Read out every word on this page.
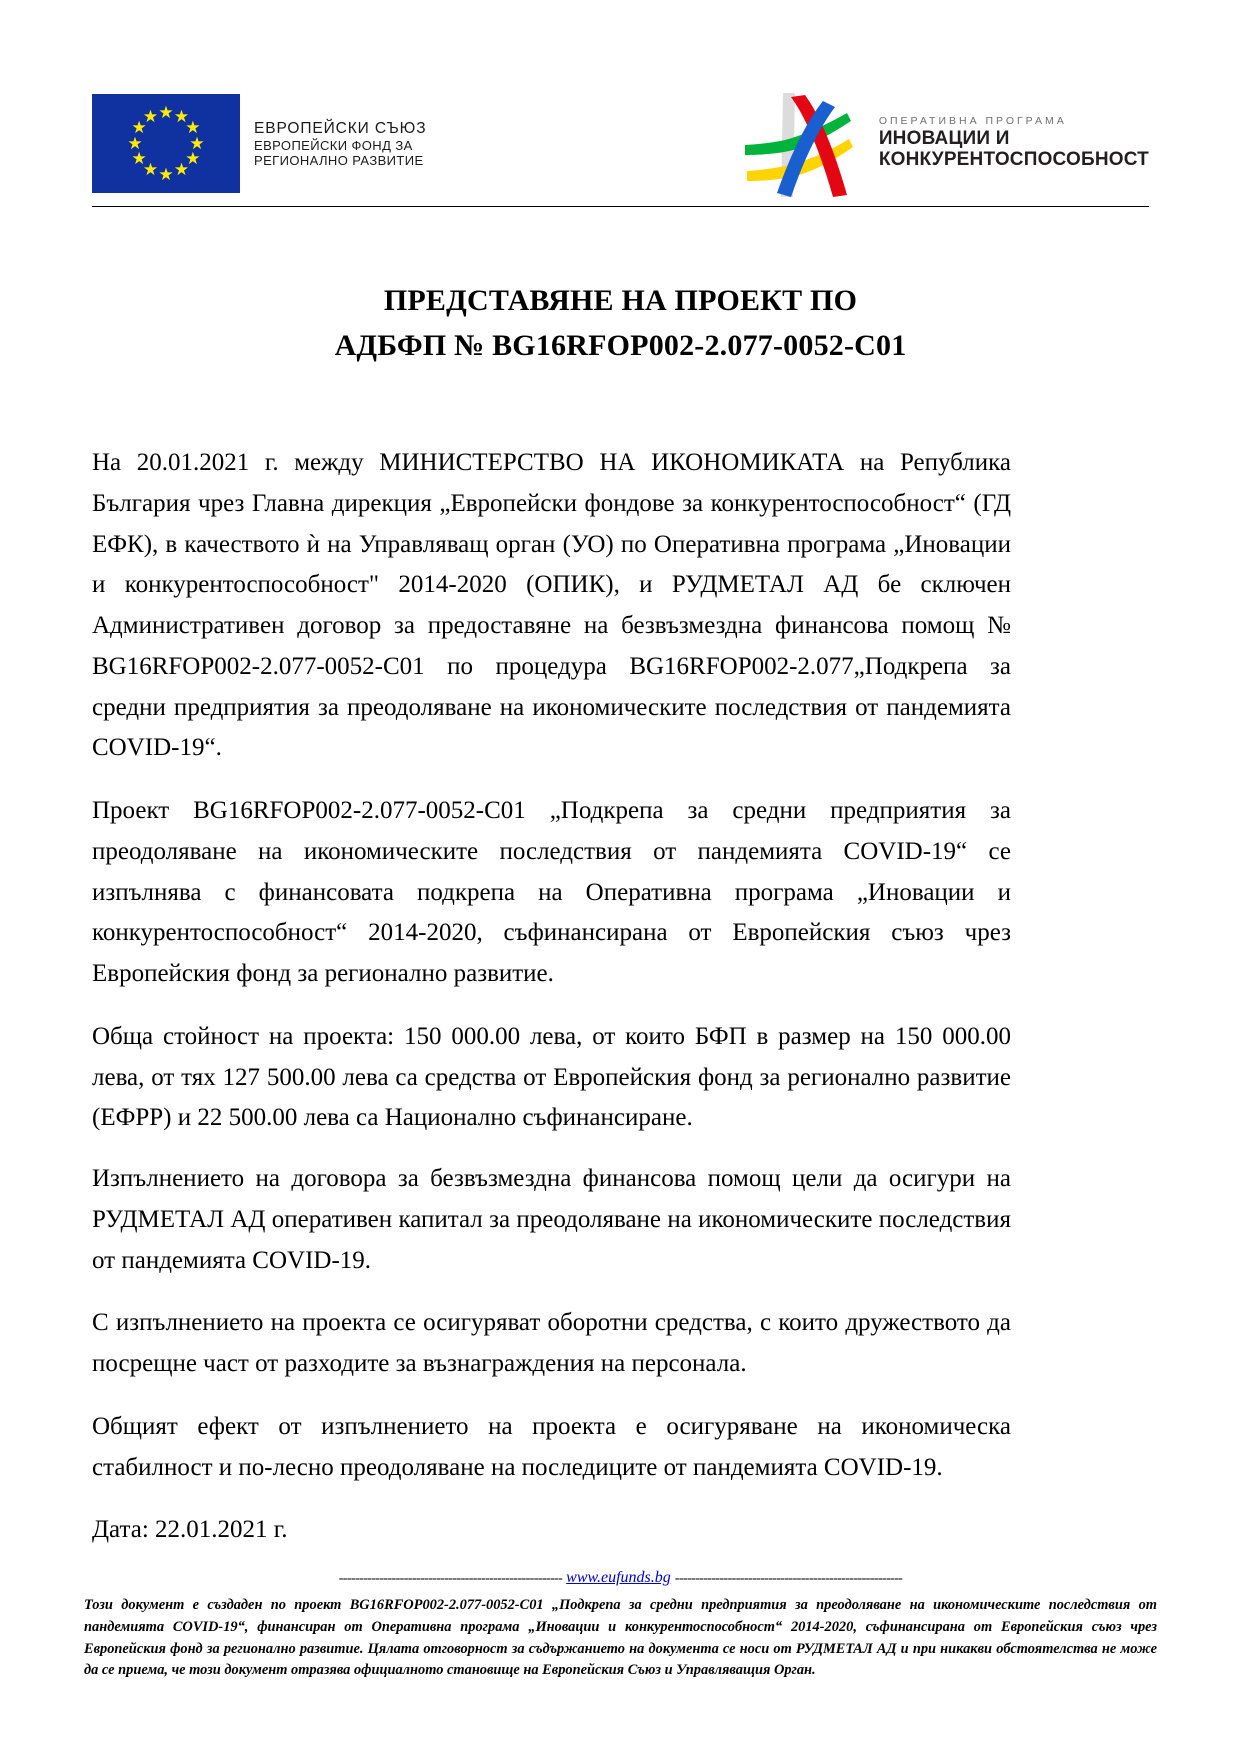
★ ★
★
★
★
★
★
★
★
★
★
★
ЕВРОПЕЙСКИ СЪЮЗ
ЕВРОПЕЙСКИ ФОНД ЗА
РЕГИОНАЛНО РАЗВИТИЕ
ОПЕРАТИВНА ПРОГРАМА
ИНОВАЦИИ И
КОНКУРЕНТОСПОСОБНОСТ
ПРЕДСТАВЯНЕ НА ПРОЕКТ ПО
АДБФП № BG16RFOP002-2.077-0052-C01

На 20.01.2021 г. между МИНИСТЕРСТВО НА ИКОНОМИКАТА на Република България чрез Главна дирекция „Европейски фондове за конкурентоспособност“ (ГД ЕФК), в качеството ѝ на Управляващ орган (УО) по Оперативна програма „Иновации и конкурентоспособност" 2014-2020 (ОПИК), и РУДМЕТАЛ АД бе сключен Административен договор за предоставяне на безвъзмездна финансова помощ № BG16RFOP002-2.077-0052-C01 по процедура BG16RFOP002-2.077„Подкрепа за средни предприятия за преодоляване на икономическите последствия от пандемията COVID-19“.

Проект BG16RFOP002-2.077-0052-C01 „Подкрепа за средни предприятия за преодоляване на икономическите последствия от пандемията COVID-19“ се изпълнява с финансовата подкрепа на Оперативна програма „Иновации и конкурентоспособност“ 2014-2020, съфинансирана от Европейския съюз чрез Европейския фонд за регионално развитие.

Обща стойност на проекта: 150 000.00 лева, от които БФП в размер на 150 000.00 лева, от тях 127 500.00 лева са средства от Европейския фонд за регионално развитие (ЕФРР) и 22 500.00 лева са Национално съфинансиране.

Изпълнението на договора за безвъзмездна финансова помощ цели да осигури на РУДМЕТАЛ АД оперативен капитал за преодоляване на икономическите последствия от пандемията COVID-19.

С изпълнението на проекта се осигуряват оборотни средства, с които дружеството да посрещне част от разходите за възнаграждения на персонала.

Общият ефект от изпълнението на проекта е осигуряване на икономическа стабилност и по-лесно преодоляване на последиците от пандемията COVID-19.

Дата: 22.01.2021 г.

------------------------------------------------------- www.eufunds.bg --------------------------------------------------------
Този документ е създаден по проект BG16RFOP002-2.077-0052-C01 „Подкрепа за средни предприятия за преодоляване на икономическите последствия от пандемията COVID-19“, финансиран от Оперативна програма „Иновации и конкурентоспособност“ 2014-2020, съфинансирана от Европейския съюз чрез Европейския фонд за регионално развитие. Цялата отговорност за съдържанието на документа се носи от РУДМЕТАЛ АД и при никакви обстоятелства не може да се приема, че този документ отразява официалното становище на Европейския Съюз и Управляващия Орган.
